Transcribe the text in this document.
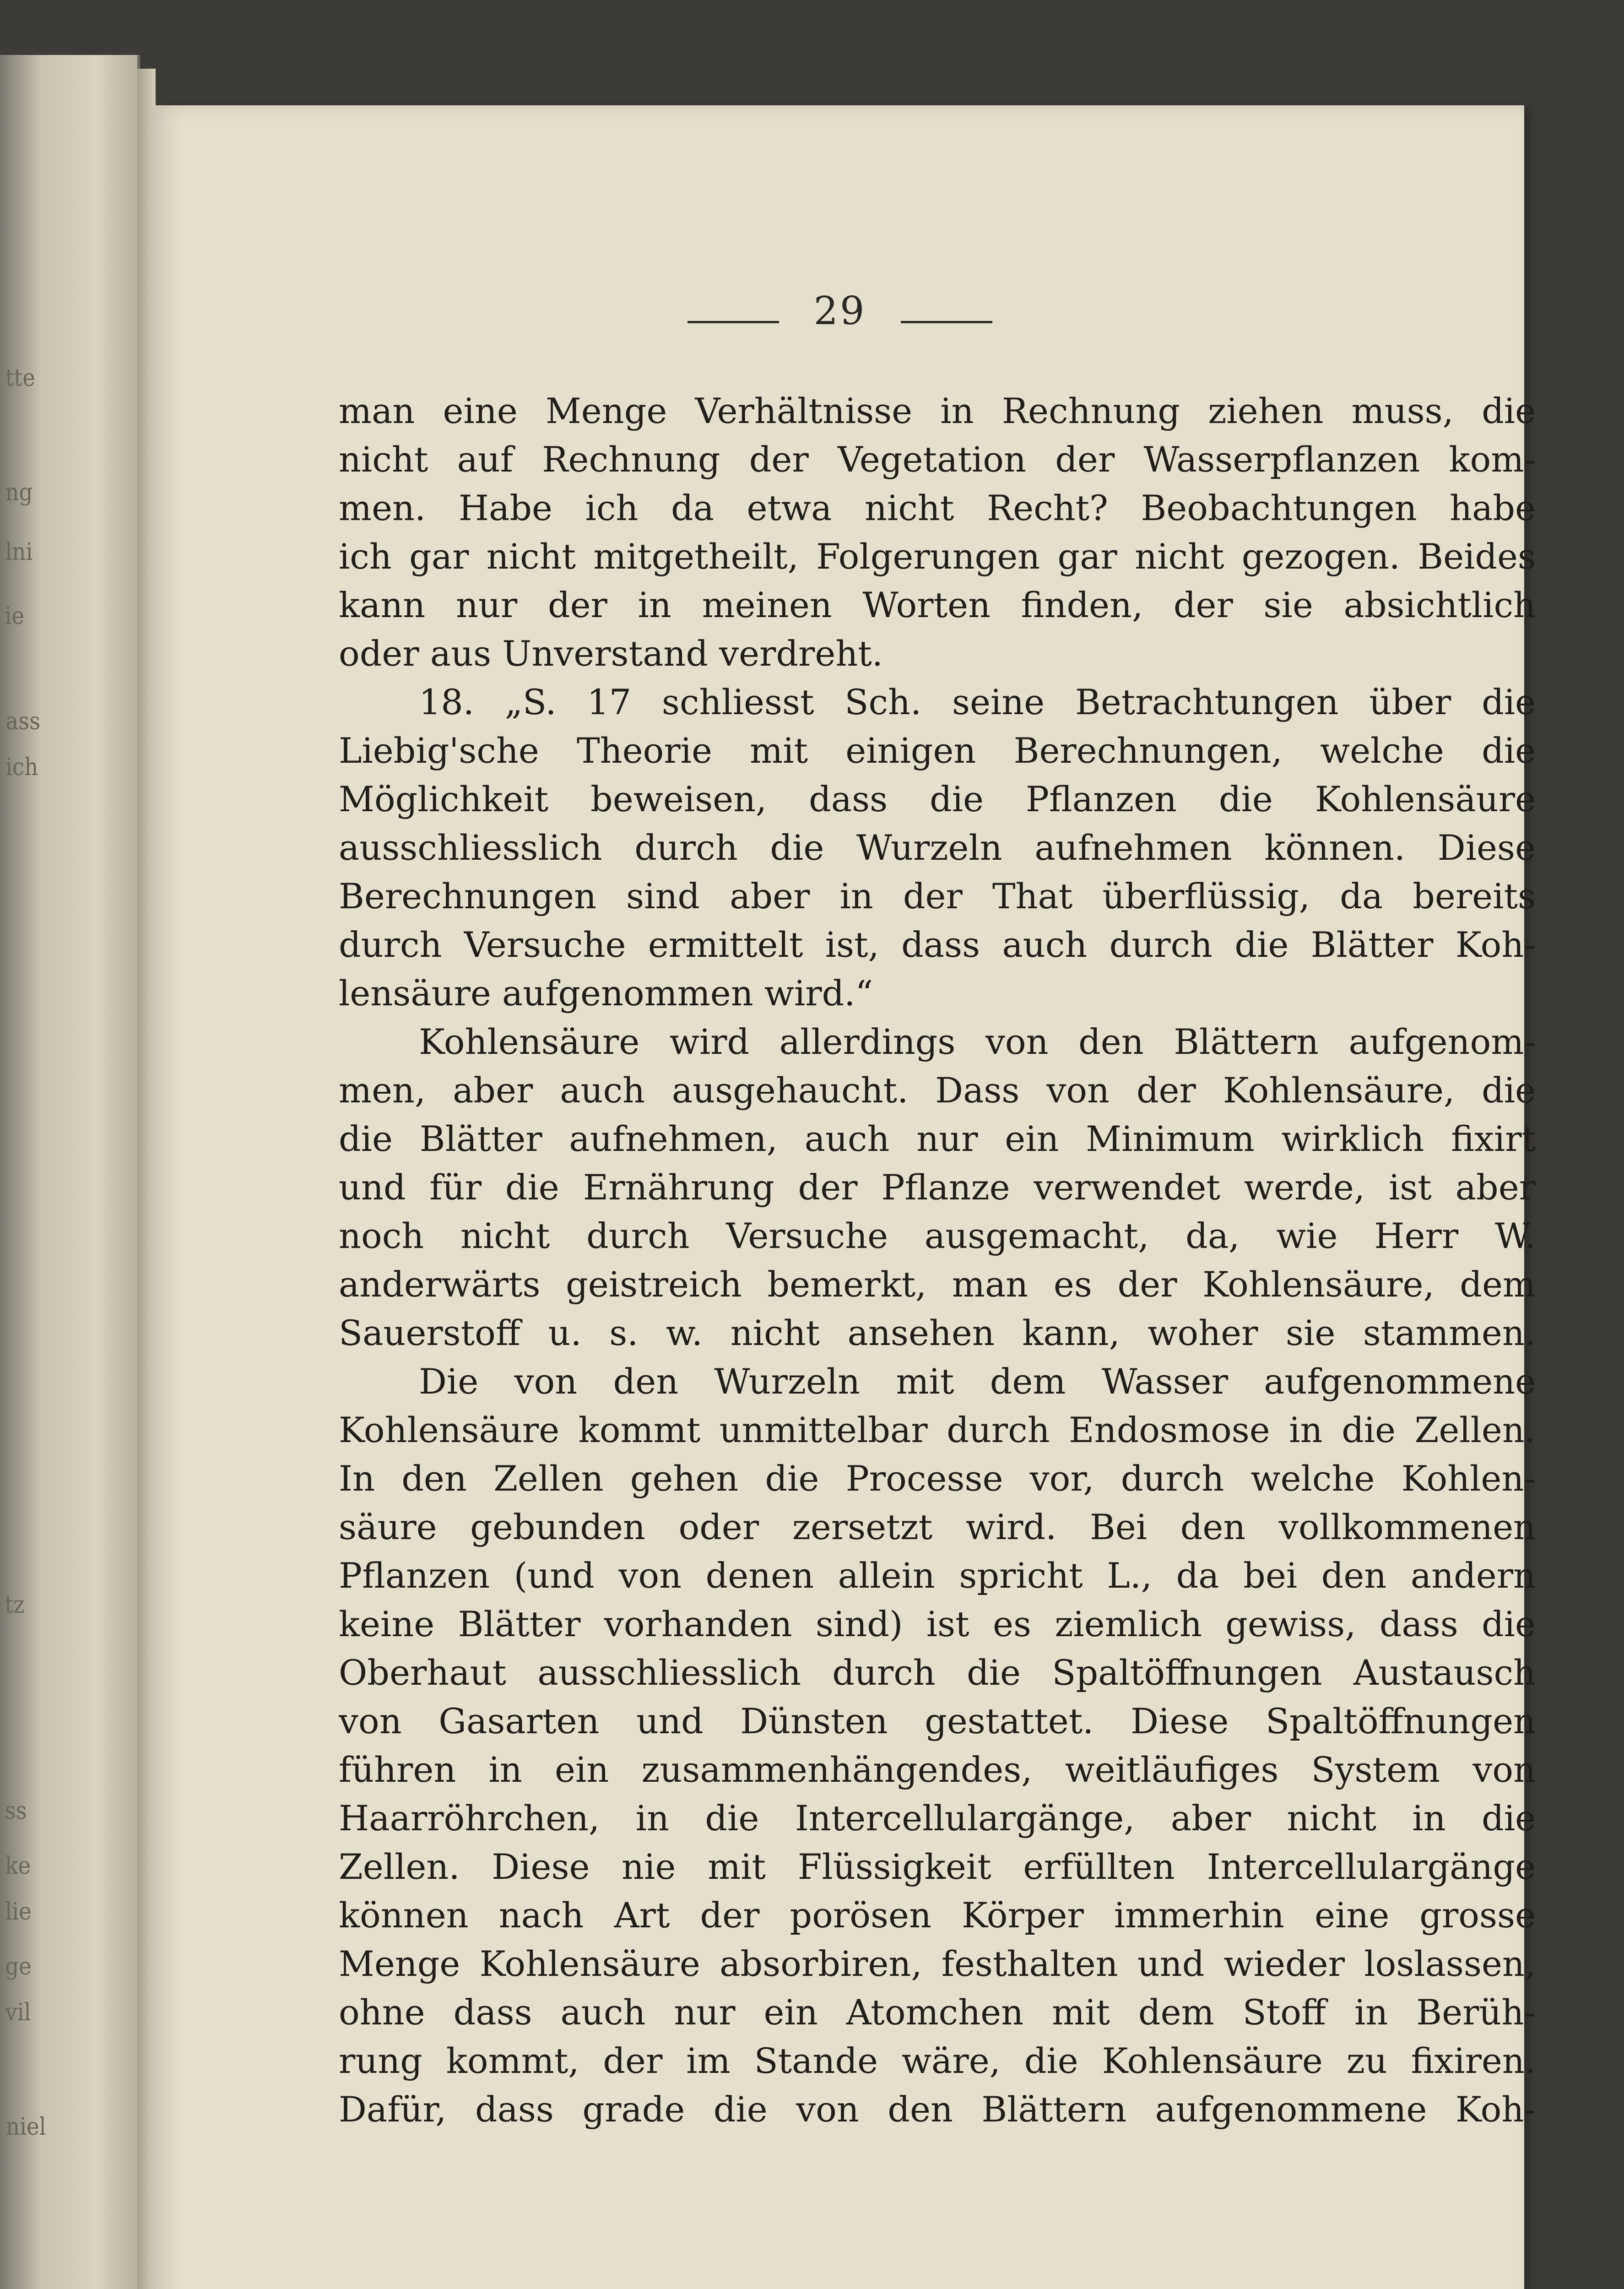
tte
ng
lni
ie
ass
ich
tz
ss
ke
lie
ge
vil
niel
29
man eine Menge Verhältnisse in Rechnung ziehen muss, die
nicht auf Rechnung der Vegetation der Wasserpflanzen kom-
men. Habe ich da etwa nicht Recht? Beobachtungen habe
ich gar nicht mitgetheilt, Folgerungen gar nicht gezogen. Beides
kann nur der in meinen Worten finden, der sie absichtlich
oder aus Unverstand verdreht.
18. „S. 17 schliesst Sch. seine Betrachtungen über die
Liebig'sche Theorie mit einigen Berechnungen, welche die
Möglichkeit beweisen, dass die Pflanzen die Kohlensäure
ausschliesslich durch die Wurzeln aufnehmen können. Diese
Berechnungen sind aber in der That überflüssig, da bereits
durch Versuche ermittelt ist, dass auch durch die Blätter Koh-
lensäure aufgenommen wird.“
Kohlensäure wird allerdings von den Blättern aufgenom-
men, aber auch ausgehaucht. Dass von der Kohlensäure, die
die Blätter aufnehmen, auch nur ein Minimum wirklich fixirt
und für die Ernährung der Pflanze verwendet werde, ist aber
noch nicht durch Versuche ausgemacht, da, wie Herr W.
anderwärts geistreich bemerkt, man es der Kohlensäure, dem
Sauerstoff u. s. w. nicht ansehen kann, woher sie stammen.
Die von den Wurzeln mit dem Wasser aufgenommene
Kohlensäure kommt unmittelbar durch Endosmose in die Zellen.
In den Zellen gehen die Processe vor, durch welche Kohlen-
säure gebunden oder zersetzt wird. Bei den vollkommenen
Pflanzen (und von denen allein spricht L., da bei den andern
keine Blätter vorhanden sind) ist es ziemlich gewiss, dass die
Oberhaut ausschliesslich durch die Spaltöffnungen Austausch
von Gasarten und Dünsten gestattet. Diese Spaltöffnungen
führen in ein zusammenhängendes, weitläufiges System von
Haarröhrchen, in die Intercellulargänge, aber nicht in die
Zellen. Diese nie mit Flüssigkeit erfüllten Intercellulargänge
können nach Art der porösen Körper immerhin eine grosse
Menge Kohlensäure absorbiren, festhalten und wieder loslassen,
ohne dass auch nur ein Atomchen mit dem Stoff in Berüh-
rung kommt, der im Stande wäre, die Kohlensäure zu fixiren.
Dafür, dass grade die von den Blättern aufgenommene Koh-
